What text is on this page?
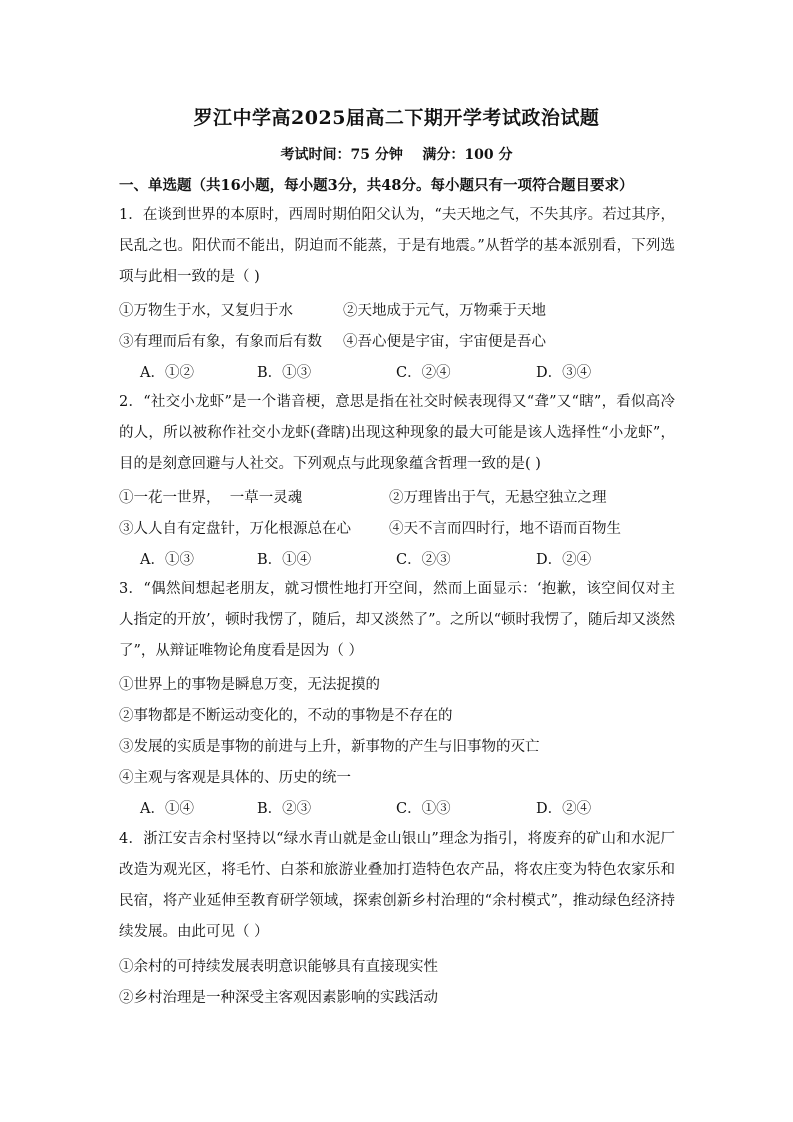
罗江中学高2025届高二下期开学考试政治试题
考试时间：75 分钟    满分：100 分
一、单选题（共16小题，每小题3分，共48分。每小题只有一项符合题目要求）

1．在谈到世界的本原时，西周时期伯阳父认为，“夫天地之气，不失其序。若过其序，民乱之也。阳伏而不能出，阴迫而不能蒸，于是有地震。”从哲学的基本派别看，下列选项与此相一致的是（ )

①万物生于水，又复归于水	②天地成于元气，万物乘于天地
③有理而后有象，有象而后有数 ④吾心便是宇宙，宇宙便是吾心
A．①②	B．①③	C．②④	D．③④

2．“社交小龙虾”是一个谐音梗，意思是指在社交时候表现得又“聋”又“瞎”，看似高冷的人，所以被称作社交小龙虾(聋瞎)出现这种现象的最大可能是该人选择性“小龙虾”，目的是刻意回避与人社交。下列观点与此现象蕴含哲理一致的是( )

①一花一世界，  一草一灵魂	②万理皆出于气，无悬空独立之理
③人人自有定盘针，万化根源总在心	④天不言而四时行，地不语而百物生
A．①③	B．①④	C．②③	D．②④

3．“偶然间想起老朋友，就习惯性地打开空间，然而上面显示：‘抱歉，该空间仅对主人指定的开放’，顿时我愣了，随后，却又淡然了”。之所以“顿时我愣了，随后却又淡然了”，从辩证唯物论角度看是因为（ ）

①世界上的事物是瞬息万变，无法捉摸的
②事物都是不断运动变化的，不动的事物是不存在的
③发展的实质是事物的前进与上升，新事物的产生与旧事物的灭亡
④主观与客观是具体的、历史的统一
A．①④	B．②③	C．①③	D．②④

4．浙江安吉余村坚持以“绿水青山就是金山银山”理念为指引，将废弃的矿山和水泥厂改造为观光区，将毛竹、白茶和旅游业叠加打造特色农产品，将农庄变为特色农家乐和民宿，将产业延伸至教育研学领域，探索创新乡村治理的“余村模式”，推动绿色经济持续发展。由此可见（ ）

①余村的可持续发展表明意识能够具有直接现实性
②乡村治理是一种深受主客观因素影响的实践活动
